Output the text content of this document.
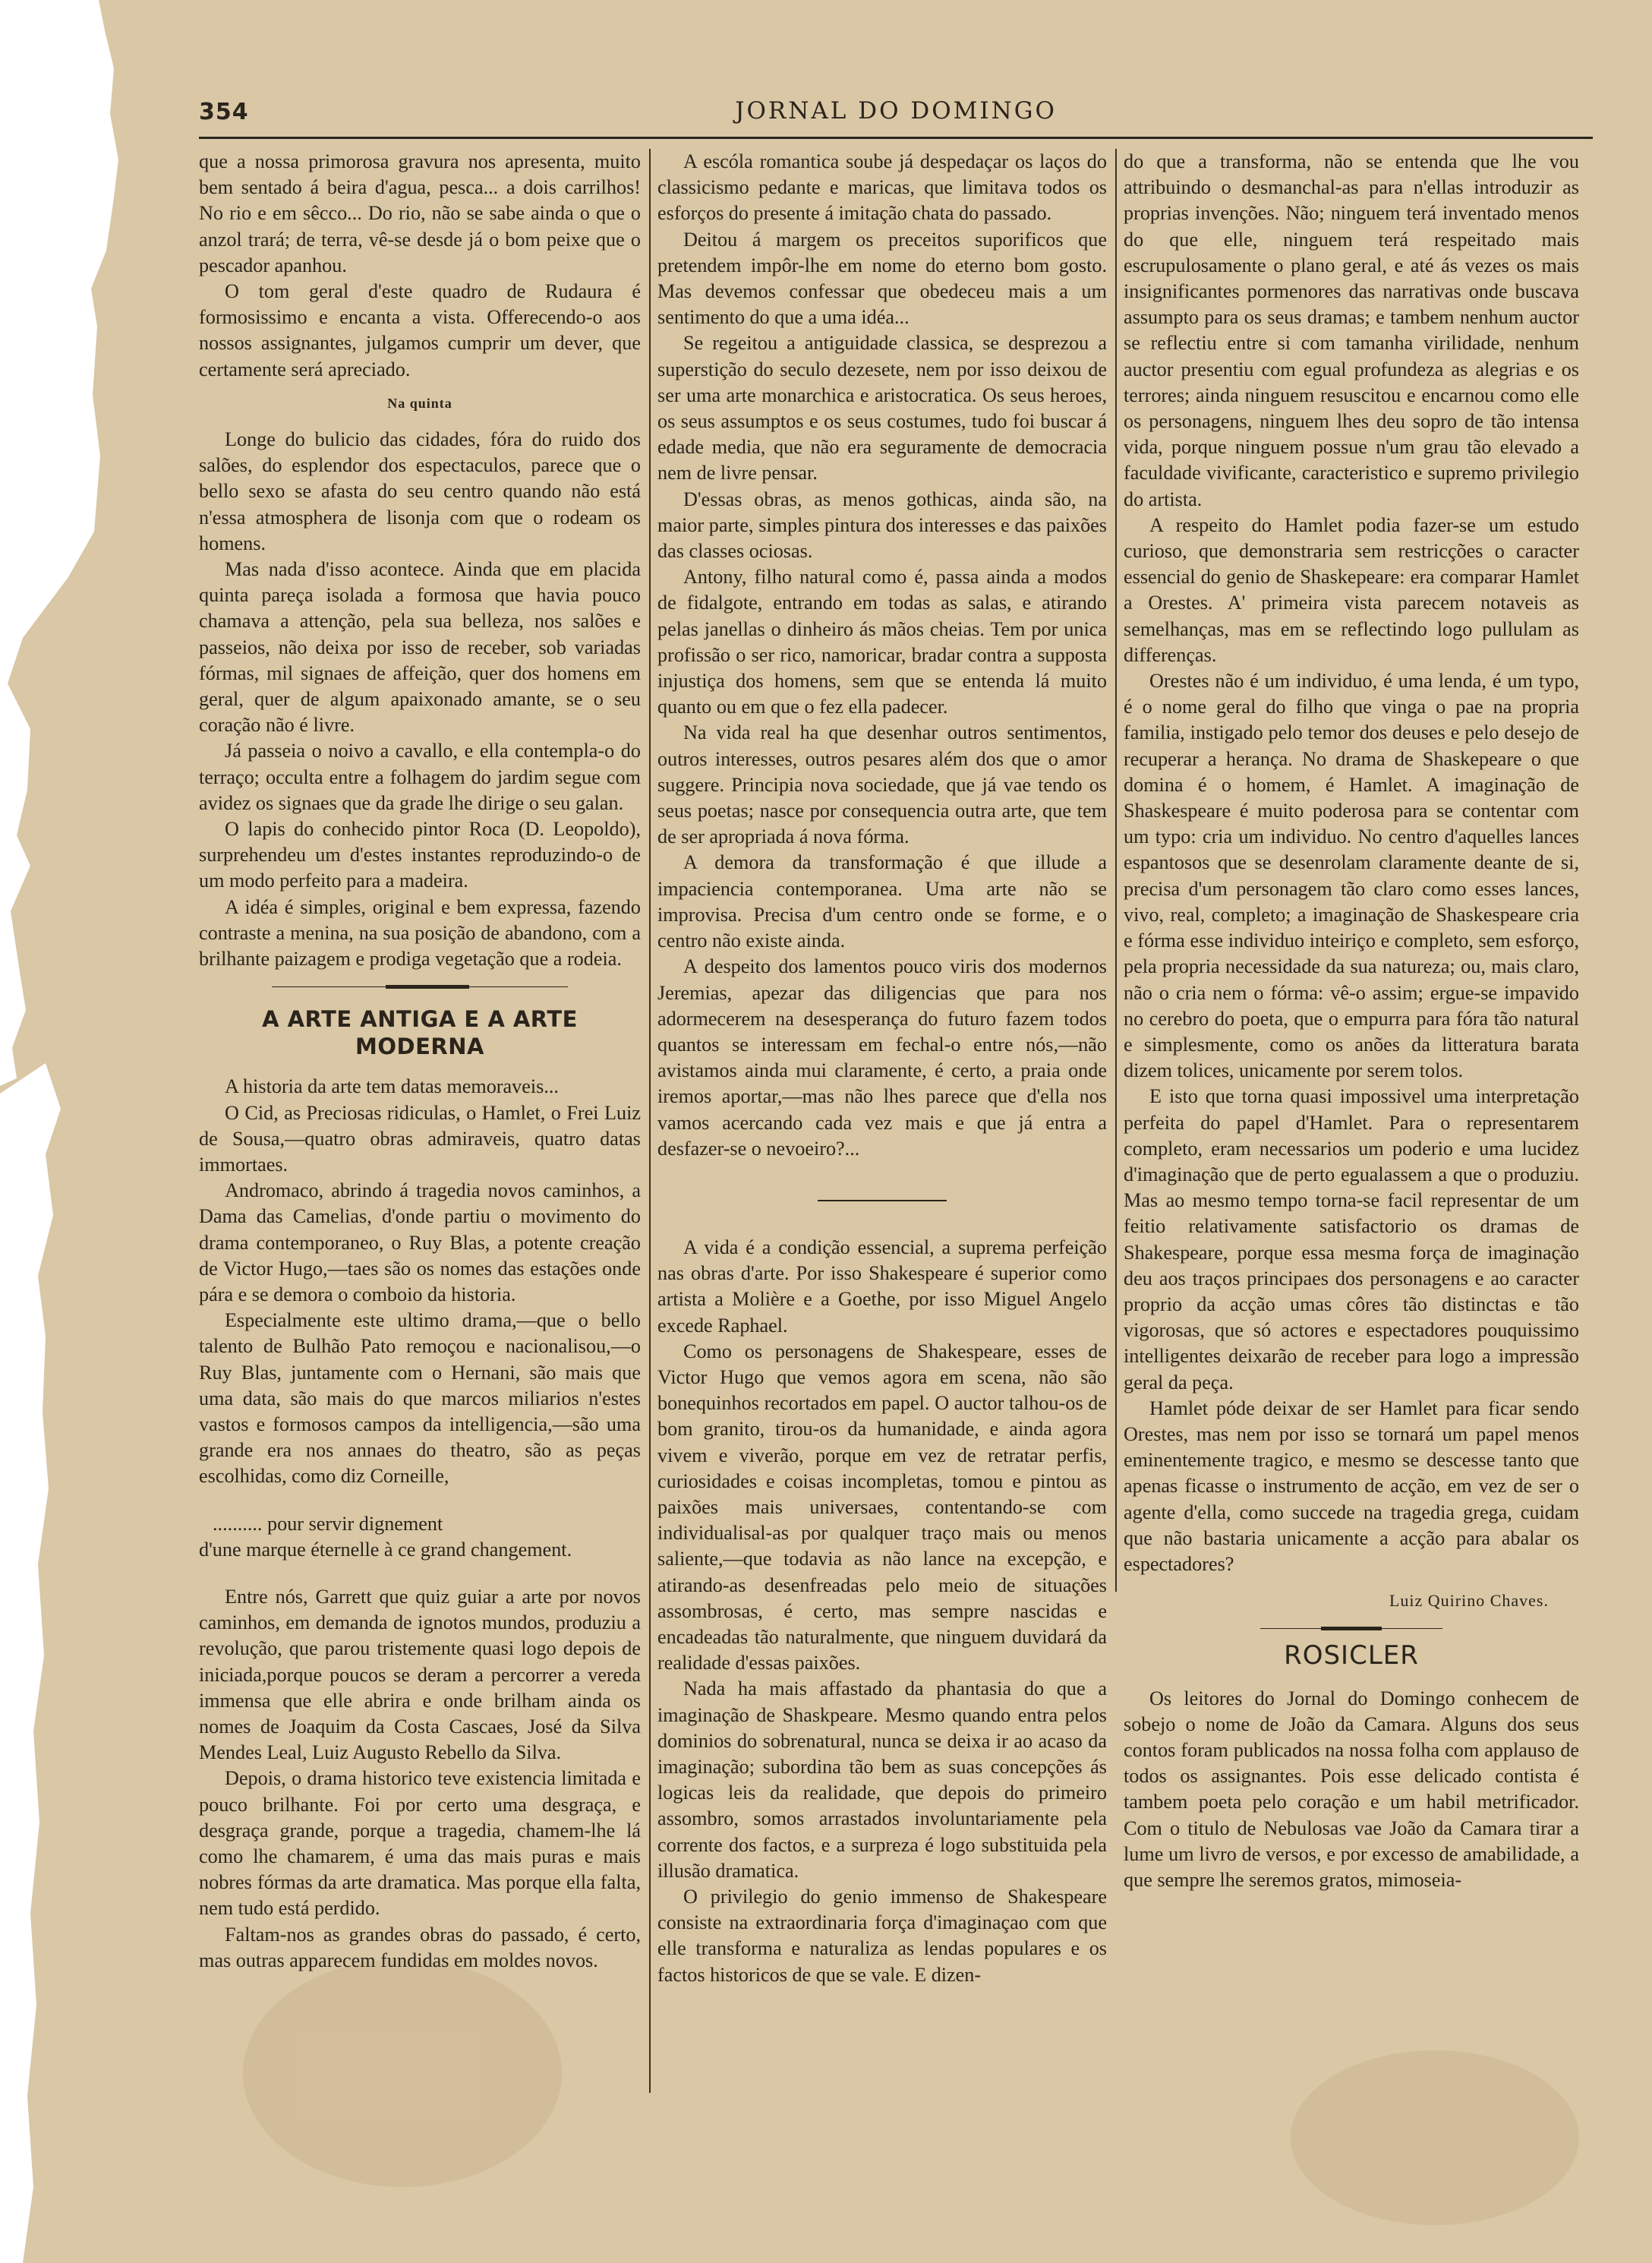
354	JORNAL DO DOMINGO

que a nossa primorosa gravura nos apresenta, muito bem sentado á beira d'agua, pesca... a dois carrilhos! No rio e em sêcco... Do rio, não se sabe ainda o que o anzol trará; de terra, vê-se desde já o bom peixe que o pescador apanhou.

O tom geral d'este quadro de Rudaura é formosissimo e encanta a vista. Offerecendo-o aos nossos assignantes, julgamos cumprir um dever, que certamente será apreciado.

Na quinta

Longe do bulicio das cidades, fóra do ruido dos salões, do esplendor dos espectaculos, parece que o bello sexo se afasta do seu centro quando não está n'essa atmosphera de lisonja com que o rodeam os homens.

Mas nada d'isso acontece. Ainda que em placida quinta pareça isolada a formosa que havia pouco chamava a attenção, pela sua belleza, nos salões e passeios, não deixa por isso de receber, sob variadas fórmas, mil signaes de affeição, quer dos homens em geral, quer de algum apaixonado amante, se o seu coração não é livre.

Já passeia o noivo a cavallo, e ella contempla-o do terraço; occulta entre a folhagem do jardim segue com avidez os signaes que da grade lhe dirige o seu galan.

O lapis do conhecido pintor Roca (D. Leopoldo), surprehendeu um d'estes instantes reproduzindo-o de um modo perfeito para a madeira.

A idéa é simples, original e bem expressa, fazendo contraste a menina, na sua posição de abandono, com a brilhante paizagem e prodiga vegetação que a rodeia.

A ARTE ANTIGA E A ARTE MODERNA

A historia da arte tem datas memoraveis...

O Cid, as Preciosas ridiculas, o Hamlet, o Frei Luiz de Sousa,—quatro obras admiraveis, quatro datas immortaes.

Andromaco, abrindo á tragedia novos caminhos, a Dama das Camelias, d'onde partiu o movimento do drama contemporaneo, o Ruy Blas, a potente creação de Victor Hugo,—taes são os nomes das estações onde pára e se demora o comboio da historia.

Especialmente este ultimo drama,—que o bello talento de Bulhão Pato remoçou e nacionalisou,—o Ruy Blas, juntamente com o Hernani, são mais que uma data, são mais do que marcos miliarios n'estes vastos e formosos campos da intelligencia,—são uma grande era nos annaes do theatro, são as peças escolhidas, como diz Corneille,

.......... pour servir dignement

d'une marque éternelle à ce grand changement.

Entre nós, Garrett que quiz guiar a arte por novos caminhos, em demanda de ignotos mundos, produziu a revolução, que parou tristemente quasi logo depois de iniciada,porque poucos se deram a percorrer a vereda immensa que elle abrira e onde brilham ainda os nomes de Joaquim da Costa Cascaes, José da Silva Mendes Leal, Luiz Augusto Rebello da Silva.

Depois, o drama historico teve existencia limitada e pouco brilhante. Foi por certo uma desgraça, e desgraça grande, porque a tragedia, chamem-lhe lá como lhe chamarem, é uma das mais puras e mais nobres fórmas da arte dramatica. Mas porque ella falta, nem tudo está perdido.

Faltam-nos as grandes obras do passado, é certo, mas outras apparecem fundidas em moldes novos.

A escóla romantica soube já despedaçar os laços do classicismo pedante e maricas, que limitava todos os esforços do presente á imitação chata do passado.

Deitou á margem os preceitos suporificos que pretendem impôr-lhe em nome do eterno bom gosto. Mas devemos confessar que obedeceu mais a um sentimento do que a uma idéa...

Se regeitou a antiguidade classica, se desprezou a superstição do seculo dezesete, nem por isso deixou de ser uma arte monarchica e aristocratica. Os seus heroes, os seus assumptos e os seus costumes, tudo foi buscar á edade media, que não era seguramente de democracia nem de livre pensar.

D'essas obras, as menos gothicas, ainda são, na maior parte, simples pintura dos interesses e das paixões das classes ociosas.

Antony, filho natural como é, passa ainda a modos de fidalgote, entrando em todas as salas, e atirando pelas janellas o dinheiro ás mãos cheias. Tem por unica profissão o ser rico, namoricar, bradar contra a supposta injustiça dos homens, sem que se entenda lá muito quanto ou em que o fez ella padecer.

Na vida real ha que desenhar outros sentimentos, outros interesses, outros pesares além dos que o amor suggere. Principia nova sociedade, que já vae tendo os seus poetas; nasce por consequencia outra arte, que tem de ser apropriada á nova fórma.

A demora da transformação é que illude a impaciencia contemporanea. Uma arte não se improvisa. Precisa d'um centro onde se forme, e o centro não existe ainda.

A despeito dos lamentos pouco viris dos modernos Jeremias, apezar das diligencias que para nos adormecerem na desesperança do futuro fazem todos quantos se interessam em fechal-o entre nós,—não avistamos ainda mui claramente, é certo, a praia onde iremos aportar,—mas não lhes parece que d'ella nos vamos acercando cada vez mais e que já entra a desfazer-se o nevoeiro?...

A vida é a condição essencial, a suprema perfeição nas obras d'arte. Por isso Shakespeare é superior como artista a Molière e a Goethe, por isso Miguel Angelo excede Raphael.

Como os personagens de Shakespeare, esses de Victor Hugo que vemos agora em scena, não são bonequinhos recortados em papel. O auctor talhou-os de bom granito, tirou-os da humanidade, e ainda agora vivem e viverão, porque em vez de retratar perfis, curiosidades e coisas incompletas, tomou e pintou as paixões mais universaes, contentando-se com individualisal-as por qualquer traço mais ou menos saliente,—que todavia as não lance na excepção, e atirando-as desenfreadas pelo meio de situações assombrosas, é certo, mas sempre nascidas e encadeadas tão naturalmente, que ninguem duvidará da realidade d'essas paixões.

Nada ha mais affastado da phantasia do que a imaginação de Shaskpeare. Mesmo quando entra pelos dominios do sobrenatural, nunca se deixa ir ao acaso da imaginação; subordina tão bem as suas concepções ás logicas leis da realidade, que depois do primeiro assombro, somos arrastados involuntariamente pela corrente dos factos, e a surpreza é logo substituida pela illusão dramatica.

O privilegio do genio immenso de Shakespeare consiste na extraordinaria força d'imaginaçao com que elle transforma e naturaliza as lendas populares e os factos historicos de que se vale. E dizen-

do que a transforma, não se entenda que lhe vou attribuindo o desmanchal-as para n'ellas introduzir as proprias invenções. Não; ninguem terá inventado menos do que elle, ninguem terá respeitado mais escrupulosamente o plano geral, e até ás vezes os mais insignificantes pormenores das narrativas onde buscava assumpto para os seus dramas; e tambem nenhum auctor se reflectiu entre si com tamanha virilidade, nenhum auctor presentiu com egual profundeza as alegrias e os terrores; ainda ninguem resuscitou e encarnou como elle os personagens, ninguem lhes deu sopro de tão intensa vida, porque ninguem possue n'um grau tão elevado a faculdade vivificante, caracteristico e supremo privilegio do artista.

A respeito do Hamlet podia fazer-se um estudo curioso, que demonstraria sem restricções o caracter essencial do genio de Shaskepeare: era comparar Hamlet a Orestes. A' primeira vista parecem notaveis as semelhanças, mas em se reflectindo logo pullulam as differenças.

Orestes não é um individuo, é uma lenda, é um typo, é o nome geral do filho que vinga o pae na propria familia, instigado pelo temor dos deuses e pelo desejo de recuperar a herança. No drama de Shaskepeare o que domina é o homem, é Hamlet. A imaginação de Shaskespeare é muito poderosa para se contentar com um typo: cria um individuo. No centro d'aquelles lances espantosos que se desenrolam claramente deante de si, precisa d'um personagem tão claro como esses lances, vivo, real, completo; a imaginação de Shaskespeare cria e fórma esse individuo inteiriço e completo, sem esforço, pela propria necessidade da sua natureza; ou, mais claro, não o cria nem o fórma: vê-o assim; ergue-se impavido no cerebro do poeta, que o empurra para fóra tão natural e simplesmente, como os anões da litteratura barata dizem tolices, unicamente por serem tolos.

E isto que torna quasi impossivel uma interpretação perfeita do papel d'Hamlet. Para o representarem completo, eram necessarios um poderio e uma lucidez d'imaginação que de perto egualassem a que o produziu. Mas ao mesmo tempo torna-se facil representar de um feitio relativamente satisfactorio os dramas de Shakespeare, porque essa mesma força de imaginação deu aos traços principaes dos personagens e ao caracter proprio da acção umas côres tão distinctas e tão vigorosas, que só actores e espectadores pouquissimo intelligentes deixarão de receber para logo a impressão geral da peça.

Hamlet póde deixar de ser Hamlet para ficar sendo Orestes, mas nem por isso se tornará um papel menos eminentemente tragico, e mesmo se descesse tanto que apenas ficasse o instrumento de acção, em vez de ser o agente d'ella, como succede na tragedia grega, cuidam que não bastaria unicamente a acção para abalar os espectadores?

Luiz Quirino Chaves.

ROSICLER

Os leitores do Jornal do Domingo conhecem de sobejo o nome de João da Camara. Alguns dos seus contos foram publicados na nossa folha com applauso de todos os assignantes. Pois esse delicado contista é tambem poeta pelo coração e um habil metrificador. Com o titulo de Nebulosas vae João da Camara tirar a lume um livro de versos, e por excesso de amabilidade, a que sempre lhe seremos gratos, mimoseia-
